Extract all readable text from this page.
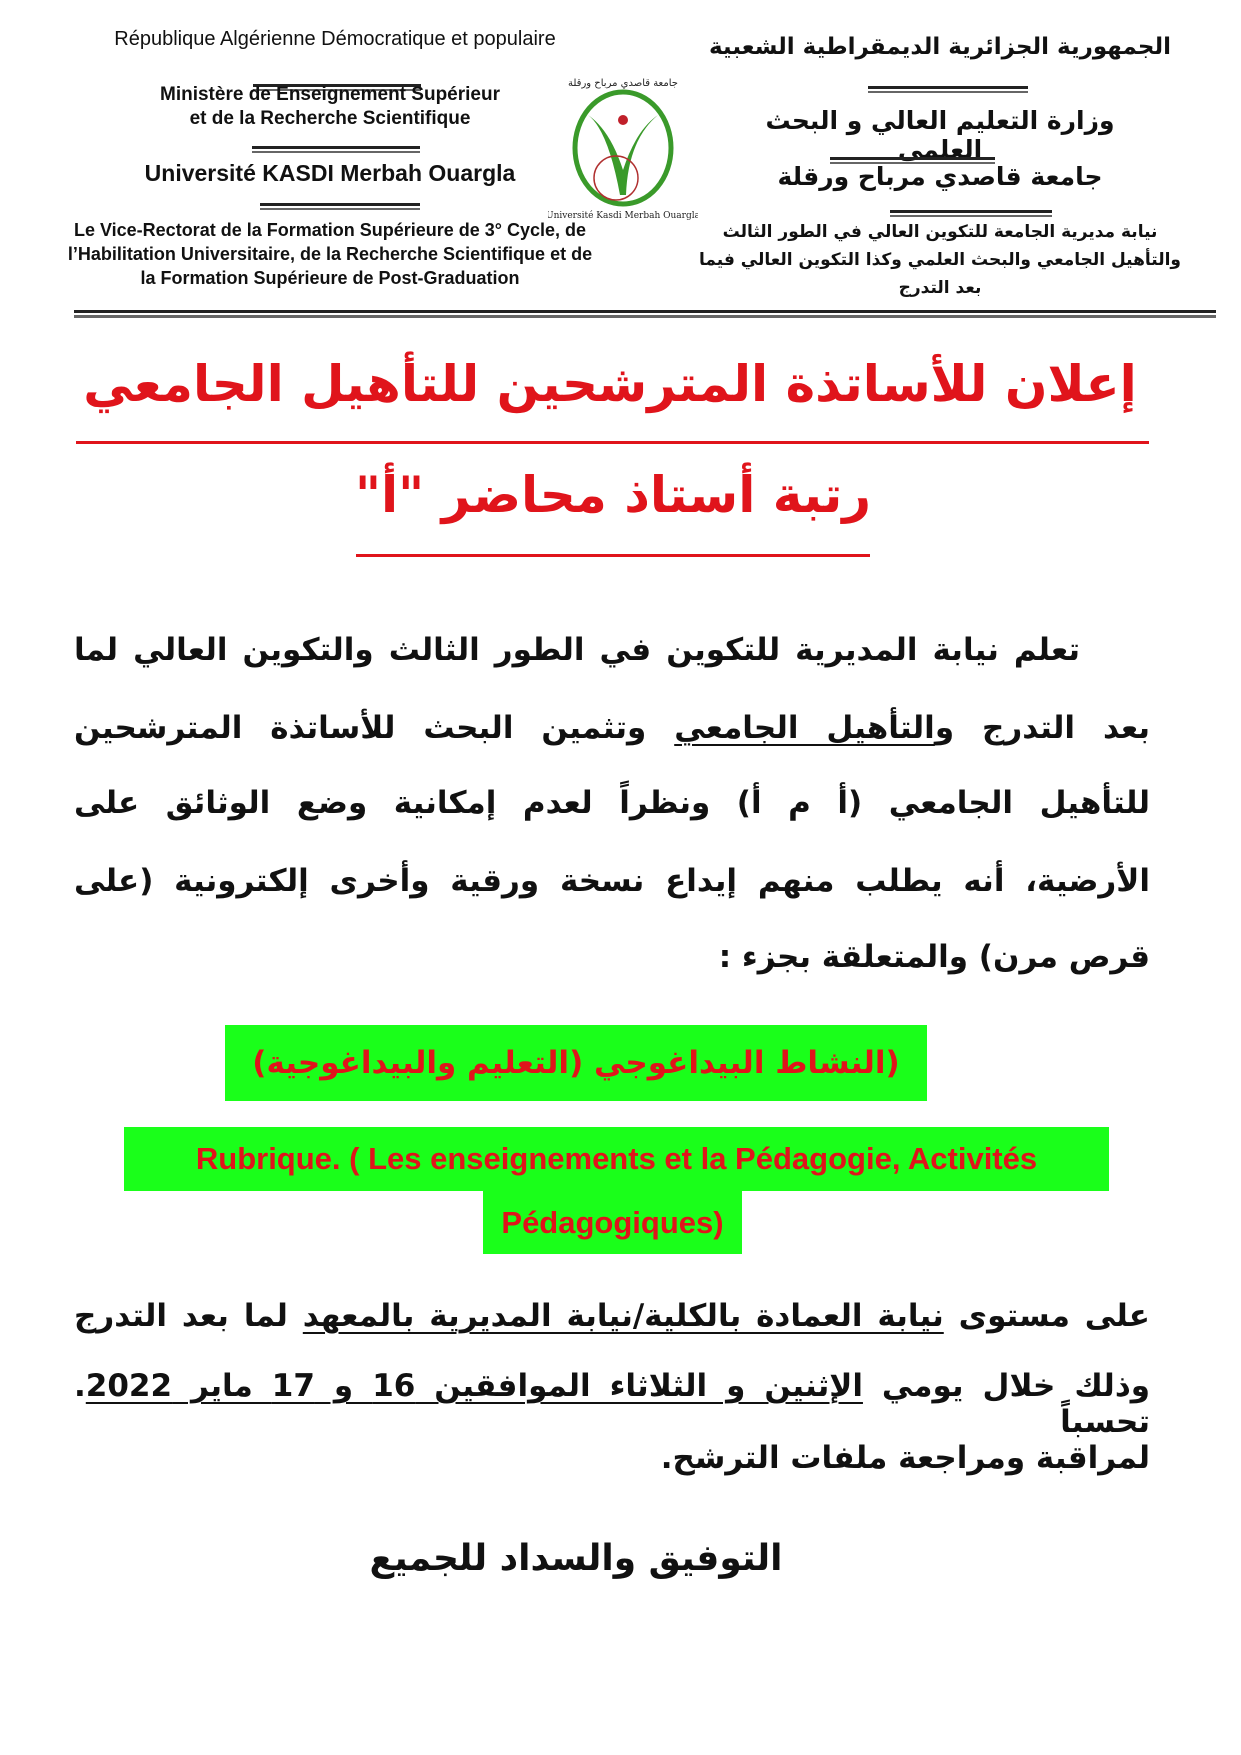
République Algérienne Démocratique et populaire
Ministère de Enseignement Supérieur
et de la Recherche Scientifique
Université KASDI Merbah Ouargla
Le Vice-Rectorat de la Formation Supérieure de 3° Cycle, de
l’Habilitation Universitaire, de la Recherche Scientifique et de
la Formation Supérieure de Post-Graduation
جامعة قاصدي مرباح ورقلة
Université Kasdi Merbah Ouargla
الجمهورية الجزائرية الديمقراطية الشعبية
وزارة التعليم العالي و البحث العلمي
جامعة قاصدي مرباح ورقلة
نيابة مديرية الجامعة للتكوين العالي في الطور الثالث
والتأهيل الجامعي والبحث العلمي وكذا التكوين العالي فيما
بعد التدرج
إعلان للأساتذة المترشحين للتأهيل الجامعي
رتبة أستاذ محاضر "أ"
تعلم نيابة المديرية للتكوين في الطور الثالث والتكوين العالي لما
بعد التدرج والتأهيل الجامعي وتثمين البحث للأساتذة المترشحين
للتأهيل الجامعي (أ م أ) ونظراً لعدم إمكانية وضع الوثائق على
الأرضية، أنه يطلب منهم إيداع نسخة ورقية وأخرى إلكترونية (على
قرص مرن) والمتعلقة بجزء :
(النشاط البيداغوجي (التعليم والبيداغوجية)
Rubrique. ( Les enseignements et la Pédagogie, Activités
Pédagogiques)
على مستوى نيابة العمادة بالكلية/نيابة المديرية بالمعهد لما بعد التدرج
وذلك خلال يومي الإثنين و الثلاثاء الموافقين 16 و 17 ماير 2022. تحسباً
لمراقبة ومراجعة ملفات الترشح.
التوفيق والسداد للجميع
